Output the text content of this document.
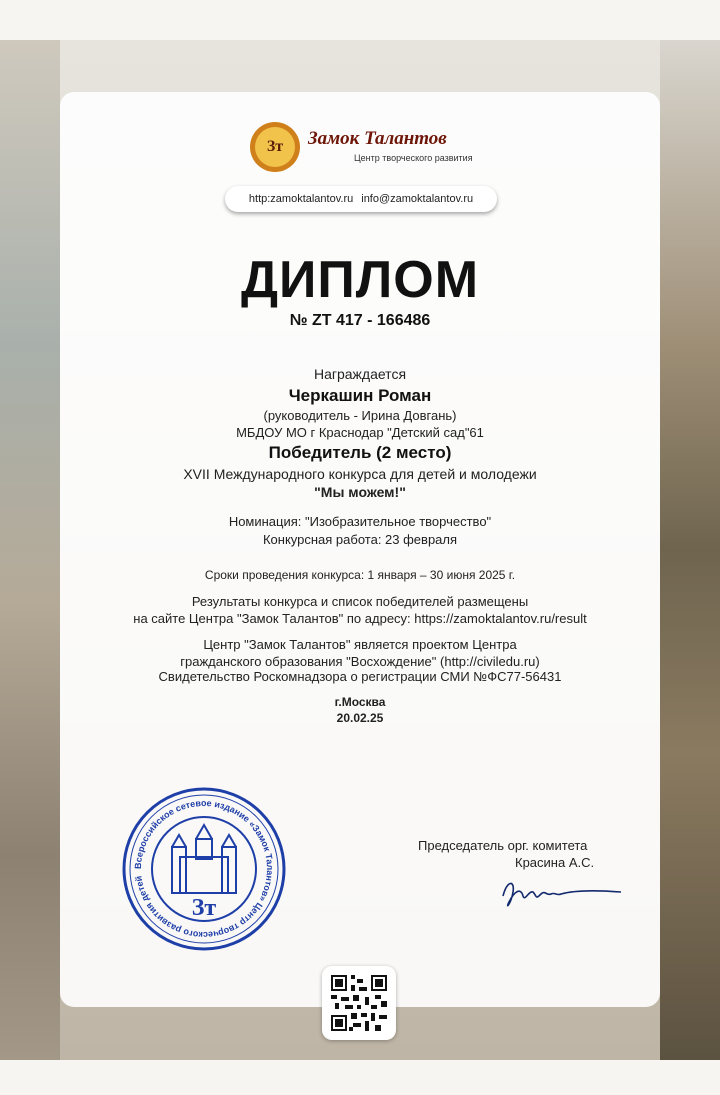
Зт	Замок Талантов
Центр творческого развития
http:zamoktalantov.ru info@zamoktalantov.ru
ДИПЛОМ
№ ZT 417 - 166486
Награждается
Черкашин Роман
(руководитель - Ирина Довгань)
МБДОУ МО г Краснодар "Детский сад"61
Победитель (2 место)
XVII Международного конкурса для детей и молодежи
"Мы можем!"
Номинация: "Изобразительное творчество"
Конкурсная работа: 23 февраля
Сроки проведения конкурса: 1 января – 30 июня 2025 г.
Результаты конкурса и список победителей размещены
на сайте Центра "Замок Талантов" по адресу: https://zamoktalantov.ru/result
Центр "Замок Талантов" является проектом Центра
гражданского образования "Восхождение" (http://civiledu.ru)
Свидетельство Роскомнадзора о регистрации СМИ №ФС77-56431
г.Москва
20.02.25
Всероссийское сетевое издание «Замок Талантов» Центр творческого развития детей
Зт
Председатель орг. комитета
Красина А.С.
